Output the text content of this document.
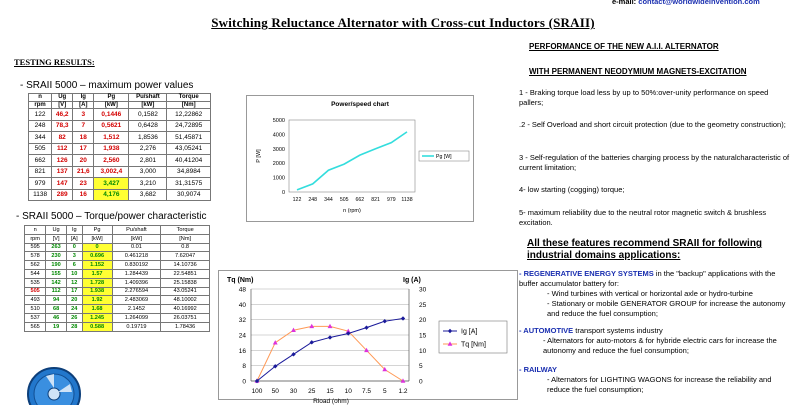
e-mail: contact@worldwideinvention.com
Switching Reluctance Alternator with Cross-cut Inductors (SRAII)
TESTING RESULTS:
- SRAII 5000 – maximum power values
n	Ug	Ig	Pg	Pu/shaft	Torque
rpm	[V]	[A]	[kW]	[kW]	[Nm]
122	46,2	3	0,1446	0,1582	12,22862
248	78,3	7	0,5621	0,6428	24,72895
344	82	18	1,512	1,8536	51,45871
505	112	17	1,938	2,276	43,05241
662	126	20	2,560	2,801	40,41204
821	137	21,6	3,002,4	3,000	34,8984
979	147	23	3,427	3,210	31,31575
1138	289	16	4,176	3,682	30,9074
- SRAII 5000 – Torque/power characteristic
n	Ug	Ig	Pg	Pu/shaft	Torque
rpm	[V]	[A]	[kW]	[kW]	[Nm]
595	263	0	0	0.01	0.8
578	230	3	0.696	0.461218	7.62047
562	190	6	1.152	0.830192	14.10736
544	155	10	1.57	1.284439	22.54851
535	142	12	1.728	1.409396	25.15838
505	112	17	1.938	2.276594	43.05241
493	94	20	1.92	2.483069	48.10002
510	68	24	1.68	2.1452	40.16992
537	46	26	1.245	1.264099	26.03751
565	19	28	0.588	0.19719	1.78436
Power/speed chart
0
1000
2000
3000
4000
5000
122 248 344 505 662 821 979 1138
n (rpm)
P [W]	Pg [W]
0
8
16
24
32
40
48
0
5
10
15
20
25
30
100 50 30 25 15 10 7.5 5 1.2
Tq (Nm)	Ig (A)
Rload (ohm)
Ig [A]
Tq [Nm]
PERFORMANCE OF THE NEW A.I.I. ALTERNATOR
WITH PERMANENT NEODYMIUM MAGNETS-EXCITATION
1 - Braking torque load less by up to 50%:over-unity performance on speed pallers;
.2 - Self Overload and short circuit protection (due to the geometry construction);
3 - Self-regulation of the batteries charging process by the naturalcharacteristic of current limitation;
4- low starting (cogging) torque;
5- maximum reliability due to the neutral rotor magnetic switch & brushless excitation.
All these features recommend SRAII for following industrial domains applications:
- REGENERATIVE ENERGY SYSTEMS in the "backup" applications with the buffer accumulator battery for:
- Wind turbines with vertical or horizontal axle or hydro-turbine
- Stationary or mobile GENERATOR GROUP for increase the autonomy and reduce the fuel consumption;
- AUTOMOTIVE transport systems industry
- Alternators for auto-motors & for hybride electric cars for increase the autonomy and reduce the fuel consumption;
- RAILWAY
- Alternators for LIGHTING WAGONS for increase the reliability and reduce the fuel consumption;
